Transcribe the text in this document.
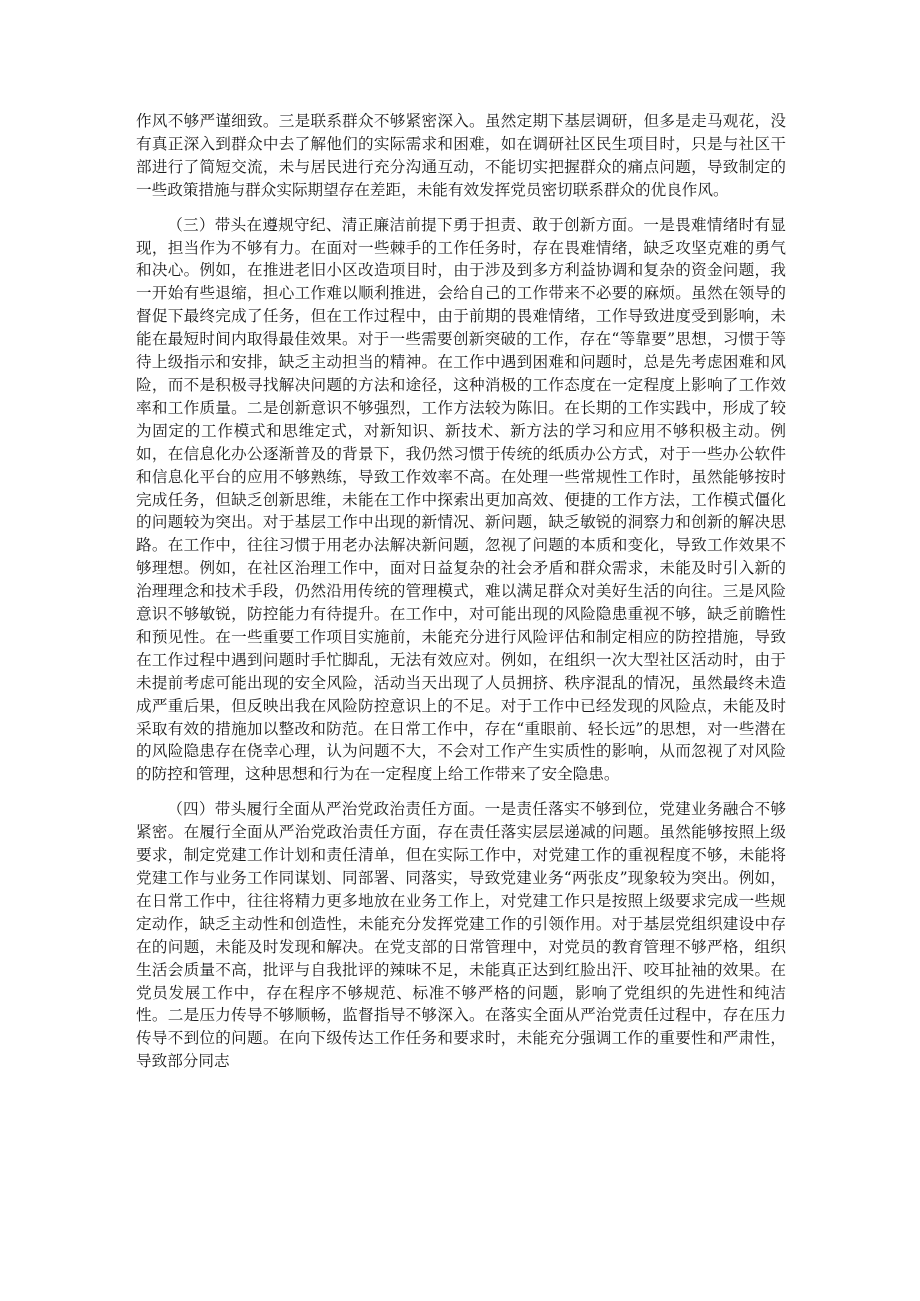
作风不够严谨细致。三是联系群众不够紧密深入。虽然定期下基层调研，但多是走马观花，没有真正深入到群众中去了解他们的实际需求和困难，如在调研社区民生项目时，只是与社区干部进行了简短交流，未与居民进行充分沟通互动，不能切实把握群众的痛点问题，导致制定的一些政策措施与群众实际期望存在差距，未能有效发挥党员密切联系群众的优良作风。

（三）带头在遵规守纪、清正廉洁前提下勇于担责、敢于创新方面。一是畏难情绪时有显现，担当作为不够有力。在面对一些棘手的工作任务时，存在畏难情绪，缺乏攻坚克难的勇气和决心。例如，在推进老旧小区改造项目时，由于涉及到多方利益协调和复杂的资金问题，我一开始有些退缩，担心工作难以顺利推进，会给自己的工作带来不必要的麻烦。虽然在领导的督促下最终完成了任务，但在工作过程中，由于前期的畏难情绪，工作导致进度受到影响，未能在最短时间内取得最佳效果。对于一些需要创新突破的工作，存在“等靠要”思想，习惯于等待上级指示和安排，缺乏主动担当的精神。在工作中遇到困难和问题时，总是先考虑困难和风险，而不是积极寻找解决问题的方法和途径，这种消极的工作态度在一定程度上影响了工作效率和工作质量。二是创新意识不够强烈，工作方法较为陈旧。在长期的工作实践中，形成了较为固定的工作模式和思维定式，对新知识、新技术、新方法的学习和应用不够积极主动。例如，在信息化办公逐渐普及的背景下，我仍然习惯于传统的纸质办公方式，对于一些办公软件和信息化平台的应用不够熟练，导致工作效率不高。在处理一些常规性工作时，虽然能够按时完成任务，但缺乏创新思维，未能在工作中探索出更加高效、便捷的工作方法，工作模式僵化的问题较为突出。对于基层工作中出现的新情况、新问题，缺乏敏锐的洞察力和创新的解决思路。在工作中，往往习惯于用老办法解决新问题，忽视了问题的本质和变化，导致工作效果不够理想。例如，在社区治理工作中，面对日益复杂的社会矛盾和群众需求，未能及时引入新的治理理念和技术手段，仍然沿用传统的管理模式，难以满足群众对美好生活的向往。三是风险意识不够敏锐，防控能力有待提升。在工作中，对可能出现的风险隐患重视不够，缺乏前瞻性和预见性。在一些重要工作项目实施前，未能充分进行风险评估和制定相应的防控措施，导致在工作过程中遇到问题时手忙脚乱，无法有效应对。例如，在组织一次大型社区活动时，由于未提前考虑可能出现的安全风险，活动当天出现了人员拥挤、秩序混乱的情况，虽然最终未造成严重后果，但反映出我在风险防控意识上的不足。对于工作中已经发现的风险点，未能及时采取有效的措施加以整改和防范。在日常工作中，存在“重眼前、轻长远”的思想，对一些潜在的风险隐患存在侥幸心理，认为问题不大，不会对工作产生实质性的影响，从而忽视了对风险的防控和管理，这种思想和行为在一定程度上给工作带来了安全隐患。

（四）带头履行全面从严治党政治责任方面。一是责任落实不够到位，党建业务融合不够紧密。在履行全面从严治党政治责任方面，存在责任落实层层递减的问题。虽然能够按照上级要求，制定党建工作计划和责任清单，但在实际工作中，对党建工作的重视程度不够，未能将党建工作与业务工作同谋划、同部署、同落实，导致党建业务“两张皮”现象较为突出。例如，在日常工作中，往往将精力更多地放在业务工作上，对党建工作只是按照上级要求完成一些规定动作，缺乏主动性和创造性，未能充分发挥党建工作的引领作用。对于基层党组织建设中存在的问题，未能及时发现和解决。在党支部的日常管理中，对党员的教育管理不够严格，组织生活会质量不高，批评与自我批评的辣味不足，未能真正达到红脸出汗、咬耳扯袖的效果。在党员发展工作中，存在程序不够规范、标准不够严格的问题，影响了党组织的先进性和纯洁性。二是压力传导不够顺畅，监督指导不够深入。在落实全面从严治党责任过程中，存在压力传导不到位的问题。在向下级传达工作任务和要求时，未能充分强调工作的重要性和严肃性，导致部分同志
